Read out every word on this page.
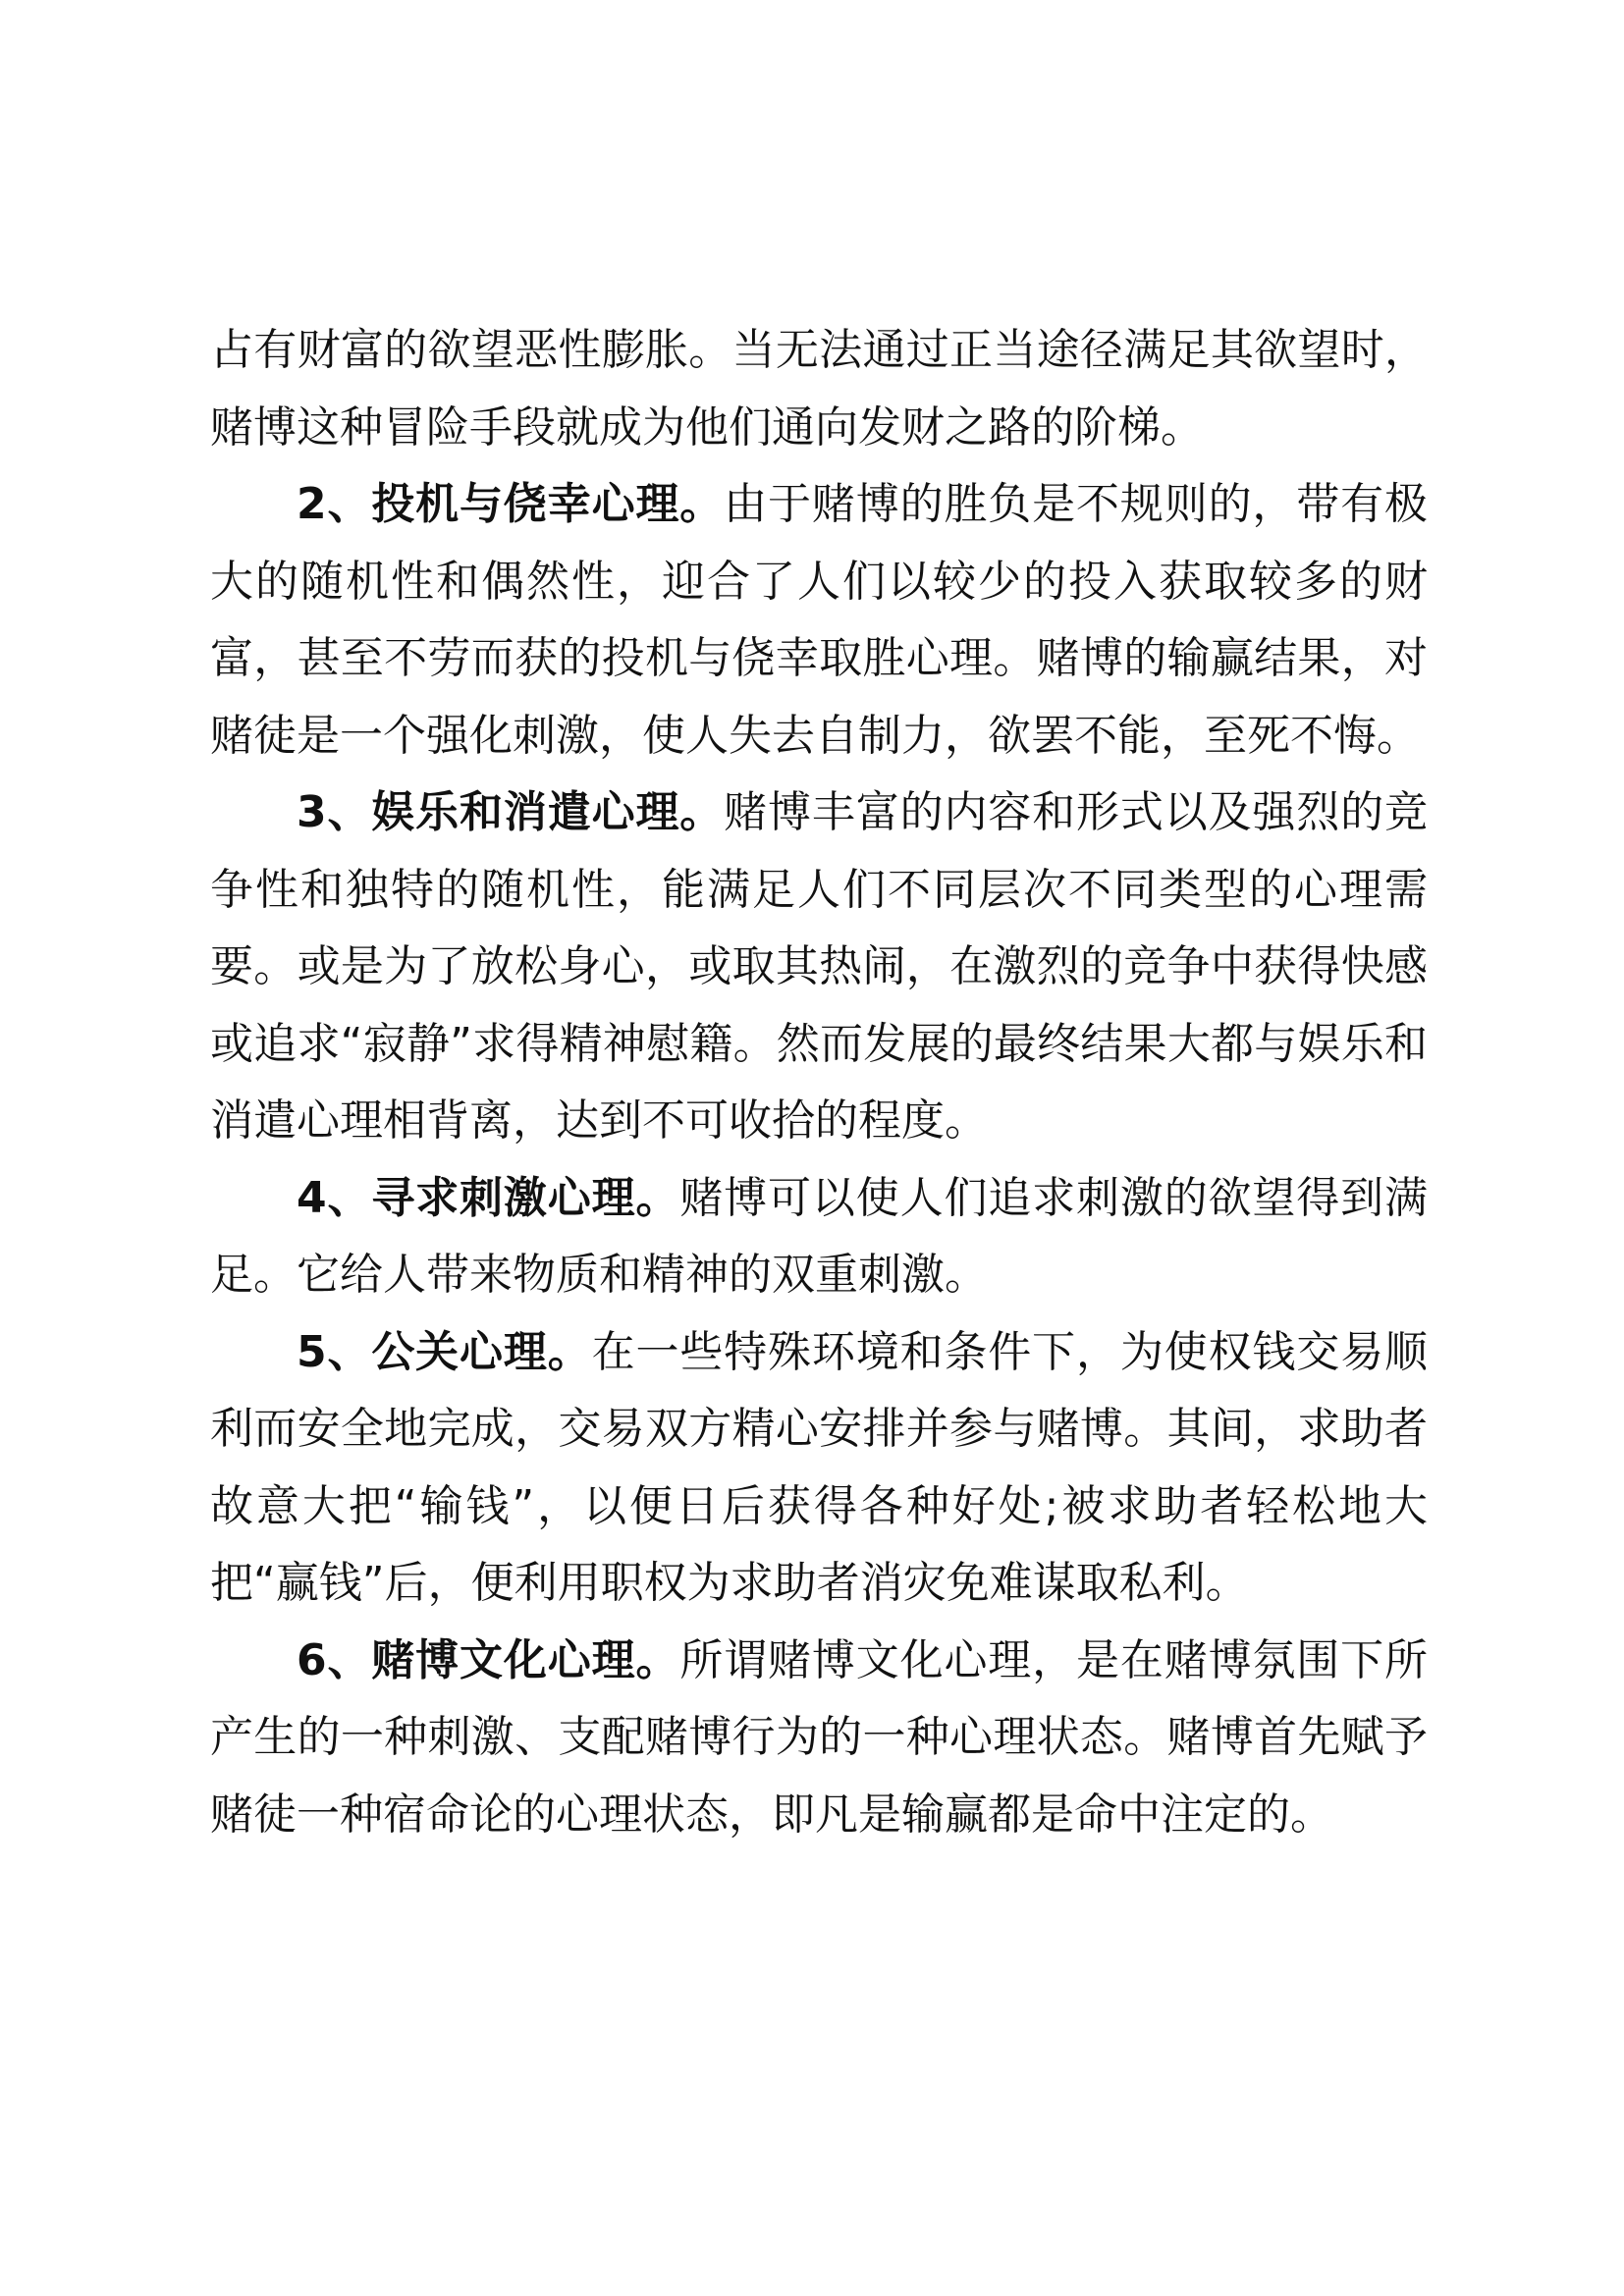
占有财富的欲望恶性膨胀。当无法通过正当途径满足其欲望时，赌博这种冒险手段就成为他们通向发财之路的阶梯。

2、投机与侥幸心理。由于赌博的胜负是不规则的，带有极大的随机性和偶然性，迎合了人们以较少的投入获取较多的财富，甚至不劳而获的投机与侥幸取胜心理。赌博的输赢结果，对赌徒是一个强化刺激，使人失去自制力，欲罢不能，至死不悔。

3、娱乐和消遣心理。赌博丰富的内容和形式以及强烈的竞争性和独特的随机性，能满足人们不同层次不同类型的心理需要。或是为了放松身心，或取其热闹，在激烈的竞争中获得快感或追求“寂静”求得精神慰籍。然而发展的最终结果大都与娱乐和消遣心理相背离，达到不可收拾的程度。

4、寻求刺激心理。赌博可以使人们追求刺激的欲望得到满足。它给人带来物质和精神的双重刺激。

5、公关心理。在一些特殊环境和条件下，为使权钱交易顺利而安全地完成，交易双方精心安排并参与赌博。其间，求助者故意大把“输钱”，以便日后获得各种好处;被求助者轻松地大把“赢钱”后，便利用职权为求助者消灾免难谋取私利。

6、赌博文化心理。所谓赌博文化心理，是在赌博氛围下所产生的一种刺激、支配赌博行为的一种心理状态。赌博首先赋予赌徒一种宿命论的心理状态，即凡是输赢都是命中注定的。
